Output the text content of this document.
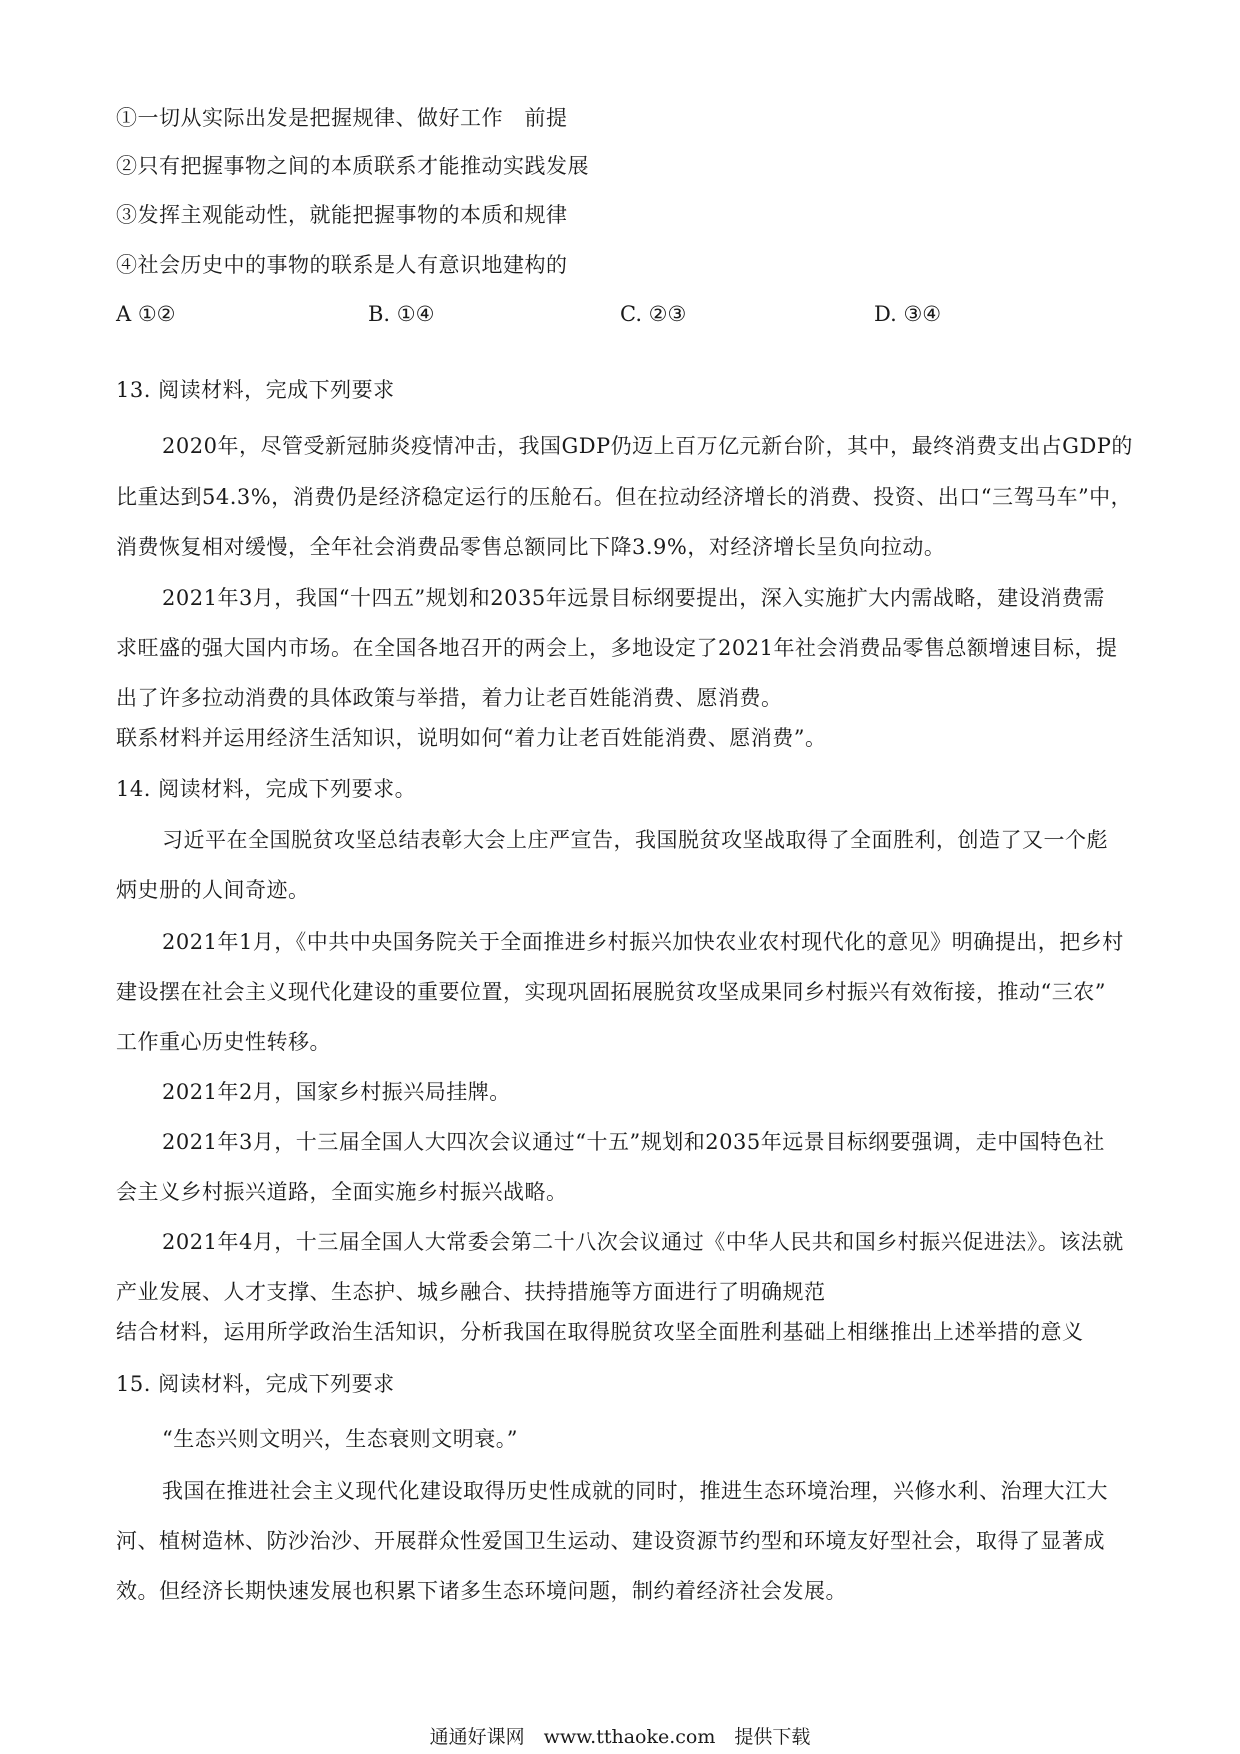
①一切从实际出发是把握规律、做好工作　前提
②只有把握事物之间的本质联系才能推动实践发展
③发挥主观能动性，就能把握事物的本质和规律
④社会历史中的事物的联系是人有意识地建构的
A ①②	B. ①④	C. ②③	D. ③④
13. 阅读材料，完成下列要求
2020年，尽管受新冠肺炎疫情冲击，我国GDP仍迈上百万亿元新台阶，其中，最终消费支出占GDP的
比重达到54.3%，消费仍是经济稳定运行的压舱石。但在拉动经济增长的消费、投资、出口“三驾马车”中，
消费恢复相对缓慢，全年社会消费品零售总额同比下降3.9%，对经济增长呈负向拉动。
2021年3月，我国“十四五”规划和2035年远景目标纲要提出，深入实施扩大内需战略，建设消费需
求旺盛的强大国内市场。在全国各地召开的两会上，多地设定了2021年社会消费品零售总额增速目标，提
出了许多拉动消费的具体政策与举措，着力让老百姓能消费、愿消费。
联系材料并运用经济生活知识，说明如何“着力让老百姓能消费、愿消费”。
14. 阅读材料，完成下列要求。
习近平在全国脱贫攻坚总结表彰大会上庄严宣告，我国脱贫攻坚战取得了全面胜利，创造了又一个彪
炳史册的人间奇迹。
2021年1月，《中共中央国务院关于全面推进乡村振兴加快农业农村现代化的意见》明确提出，把乡村
建设摆在社会主义现代化建设的重要位置，实现巩固拓展脱贫攻坚成果同乡村振兴有效衔接，推动“三农”
工作重心历史性转移。
2021年2月，国家乡村振兴局挂牌。
2021年3月，十三届全国人大四次会议通过“十五”规划和2035年远景目标纲要强调，走中国特色社
会主义乡村振兴道路，全面实施乡村振兴战略。
2021年4月，十三届全国人大常委会第二十八次会议通过《中华人民共和国乡村振兴促进法》。该法就
产业发展、人才支撑、生态护、城乡融合、扶持措施等方面进行了明确规范
结合材料，运用所学政治生活知识，分析我国在取得脱贫攻坚全面胜利基础上相继推出上述举措的意义
15. 阅读材料，完成下列要求
“生态兴则文明兴，生态衰则文明衰。”
我国在推进社会主义现代化建设取得历史性成就的同时，推进生态环境治理，兴修水利、治理大江大
河、植树造林、防沙治沙、开展群众性爱国卫生运动、建设资源节约型和环境友好型社会，取得了显著成
效。但经济长期快速发展也积累下诸多生态环境问题，制约着经济社会发展。
通通好课网　www.tthaoke.com　提供下载
